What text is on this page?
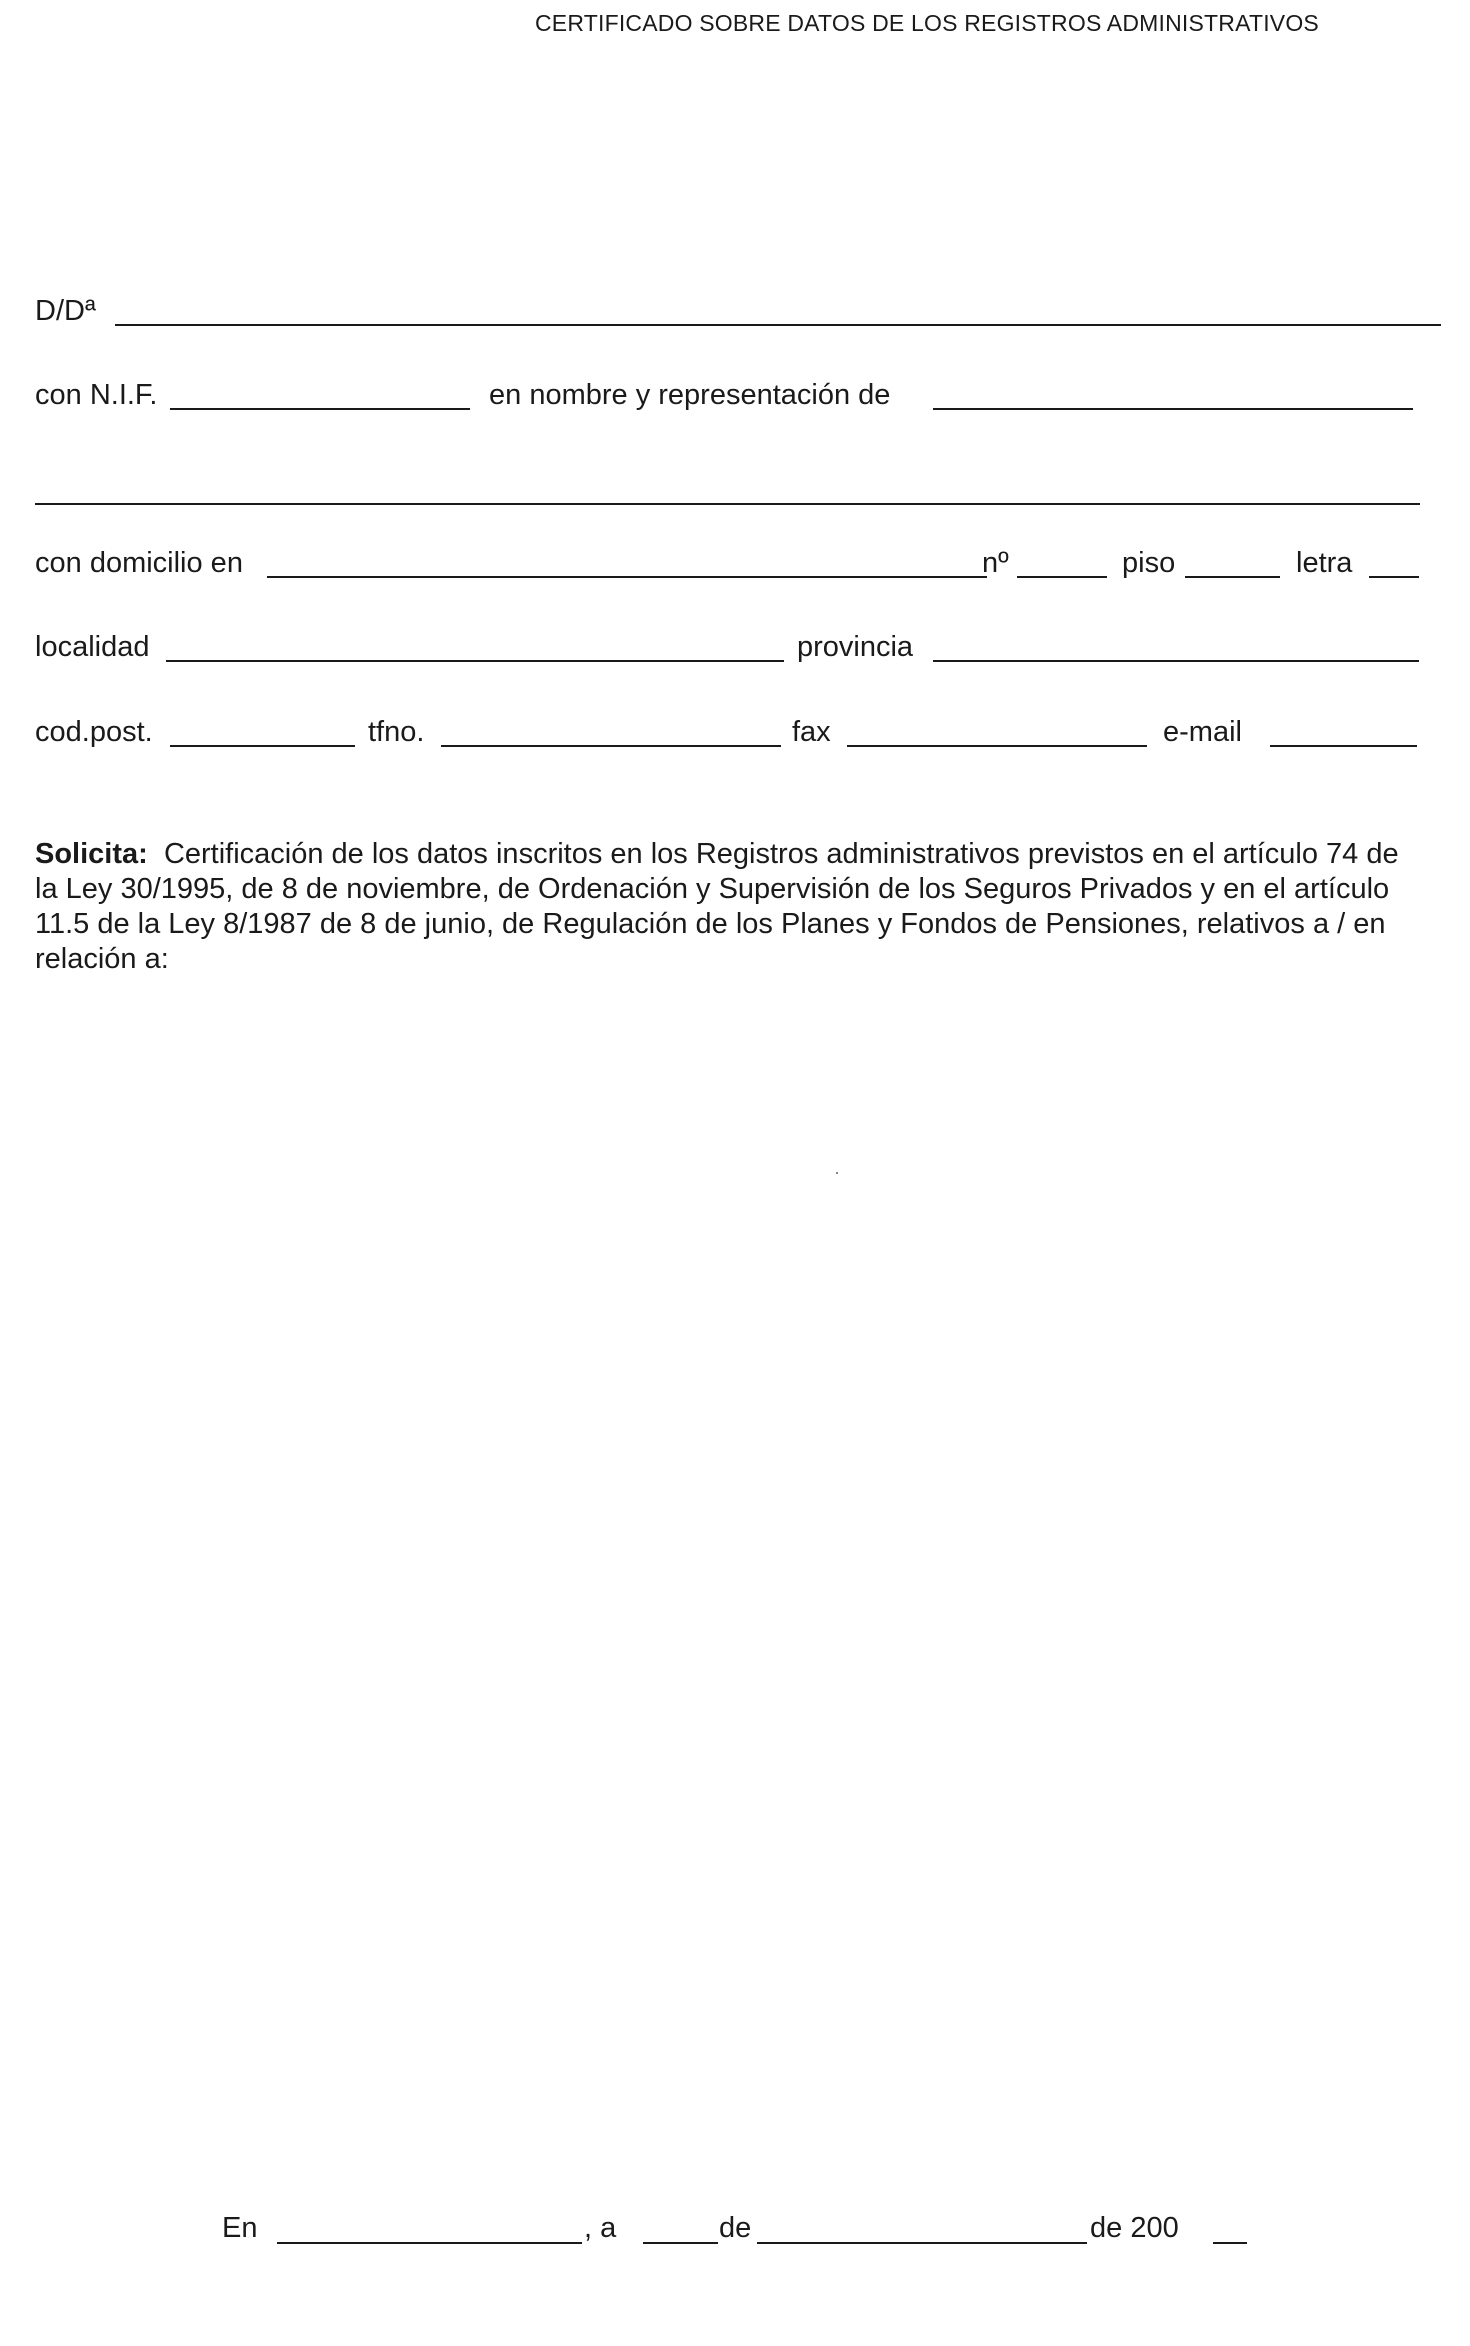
CERTIFICADO SOBRE DATOS DE LOS REGISTROS ADMINISTRATIVOS
D/Dª
con N.I.F.	en nombre y representación de
con domicilio en	nº	piso	letra
localidad	provincia
cod.post.	tfno.	fax	e-mail
Solicita: Certificación de los datos inscritos en los Registros administrativos previstos en el artículo 74 de la Ley 30/1995, de 8 de noviembre, de Ordenación y Supervisión de los Seguros Privados y en el artículo 11.5 de la Ley 8/1987 de 8 de junio, de Regulación de los Planes y Fondos de Pensiones, relativos a / en relación a:
En	, a	de	de 200
